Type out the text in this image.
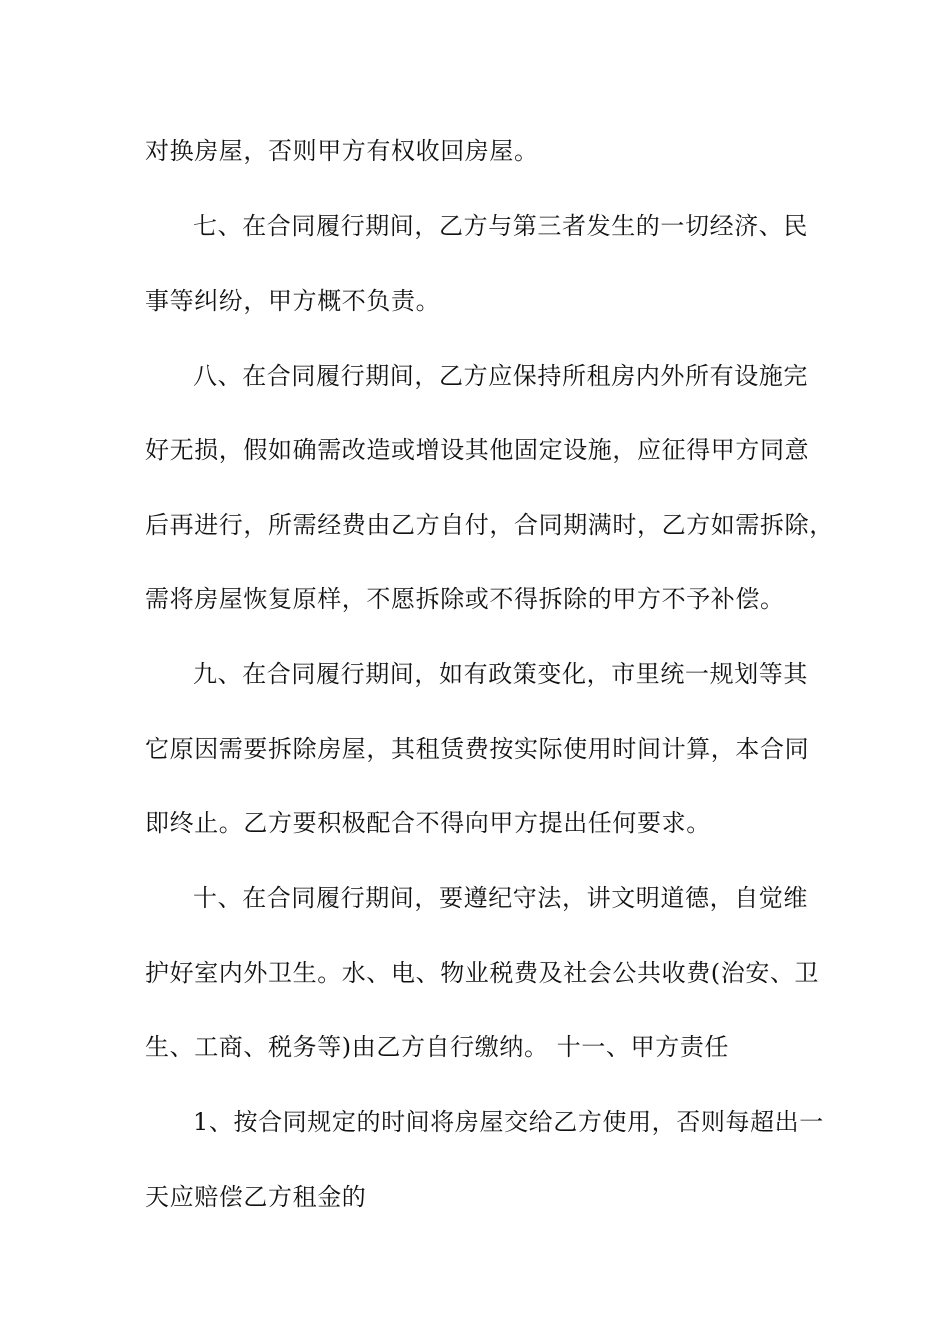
对换房屋，否则甲方有权收回房屋。

七、在合同履行期间，乙方与第三者发生的一切经济、民

事等纠纷，甲方概不负责。

八、在合同履行期间，乙方应保持所租房内外所有设施完

好无损，假如确需改造或增设其他固定设施，应征得甲方同意

后再进行，所需经费由乙方自付，合同期满时，乙方如需拆除，

需将房屋恢复原样，不愿拆除或不得拆除的甲方不予补偿。

九、在合同履行期间，如有政策变化，市里统一规划等其

它原因需要拆除房屋，其租赁费按实际使用时间计算，本合同

即终止。乙方要积极配合不得向甲方提出任何要求。

十、在合同履行期间，要遵纪守法，讲文明道德，自觉维

护好室内外卫生。水、电、物业税费及社会公共收费(治安、卫

生、工商、税务等)由乙方自行缴纳。 十一、甲方责任

1、按合同规定的时间将房屋交给乙方使用，否则每超出一

天应赔偿乙方租金的
